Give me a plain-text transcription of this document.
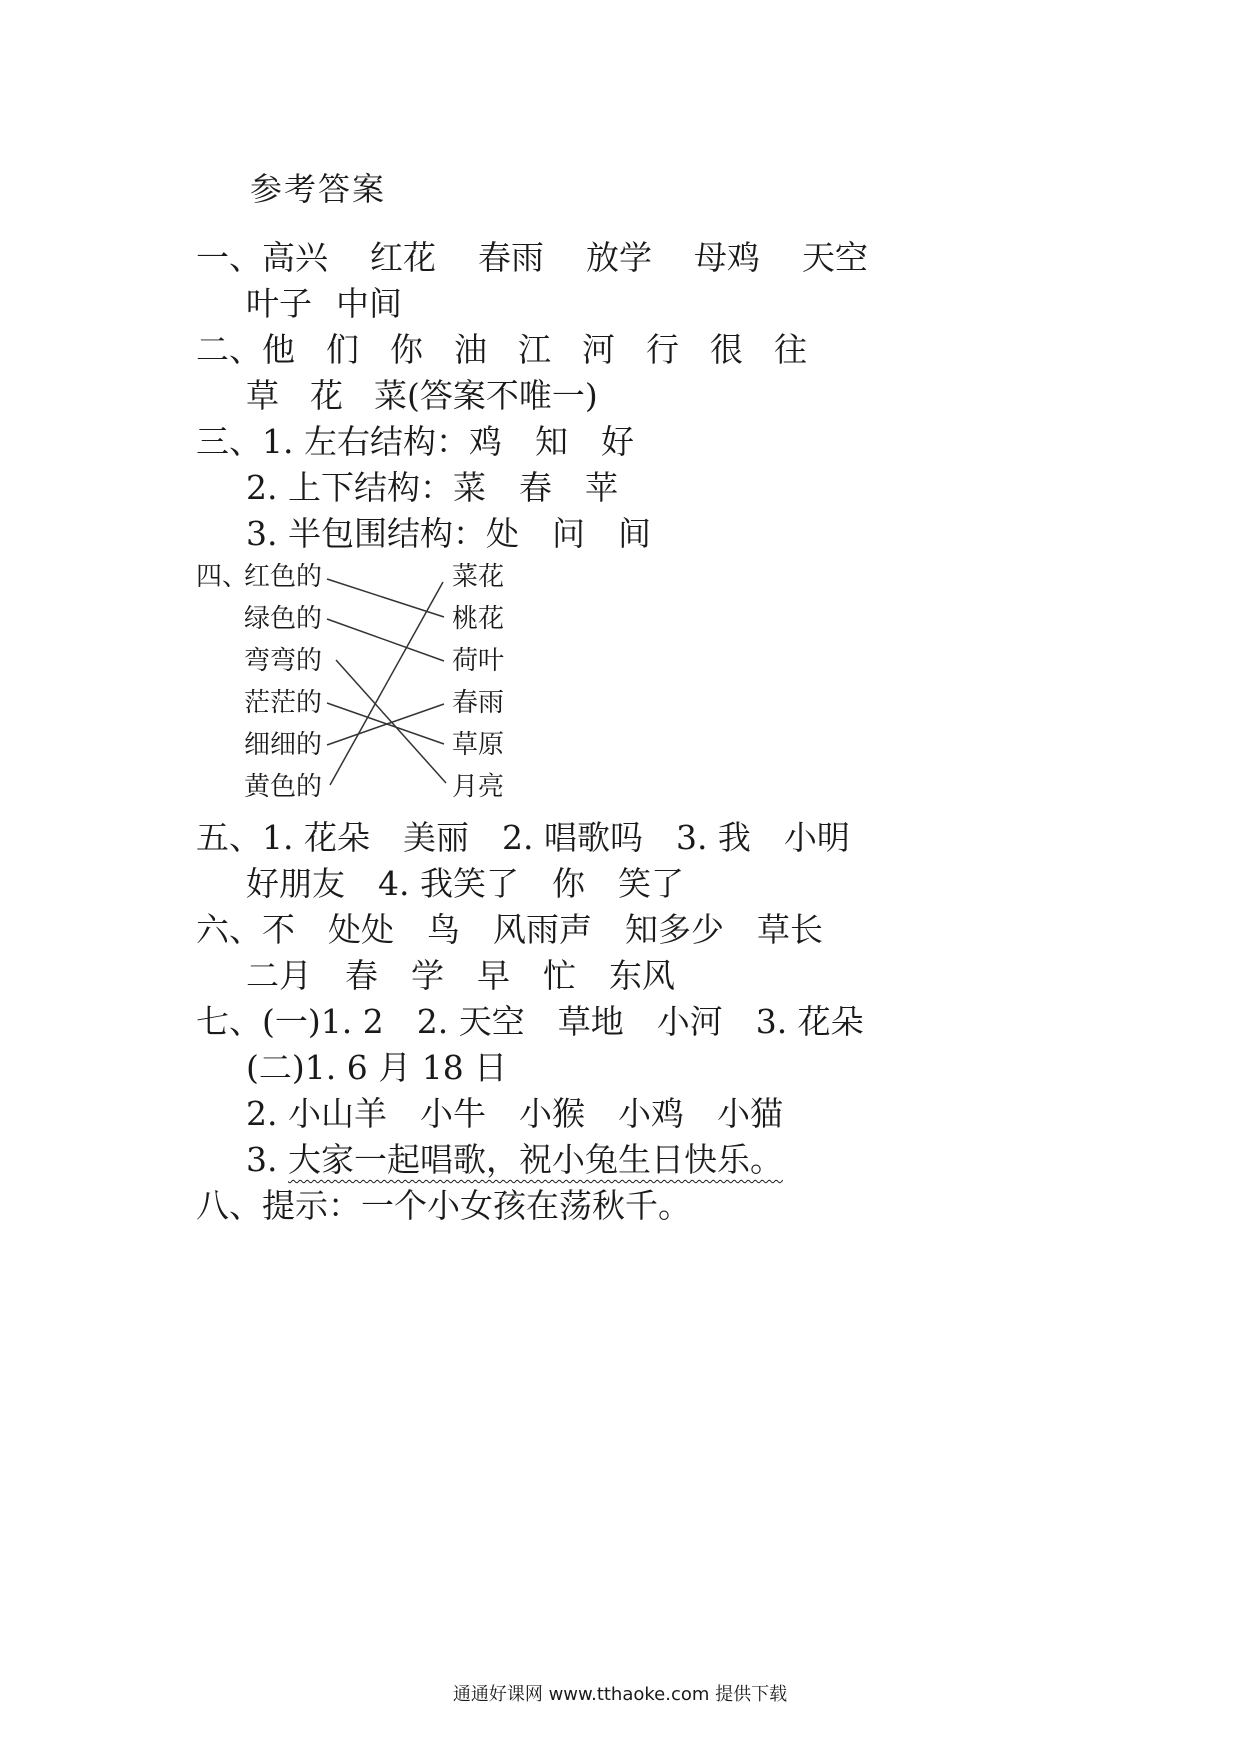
参考答案
一、高兴 红花 春雨 放学 母鸡 天空
叶子 中间
二、他 们 你 油 江 河 行 很 往
草 花 菜(答案不唯一)
三、1. 左右结构：鸡　知　好
2. 上下结构：菜　春　苹
3. 半包围结构：处　问　间
四、
红色的
绿色的
弯弯的
茫茫的
细细的
黄色的
菜花
桃花
荷叶
春雨
草原
月亮
五、1. 花朵　美丽　2. 唱歌吗　3. 我　小明
好朋友　4. 我笑了　你　笑了
六、不　处处　鸟　风雨声　知多少　草长
二月　春　学　早　忙　东风
七、(一)1. 2　2. 天空　草地　小河　3. 花朵
(二)1. 6 月 18 日
2. 小山羊　小牛　小猴　小鸡　小猫
3. 大家一起唱歌，祝小兔生日快乐。
八、提示：一个小女孩在荡秋千。
通通好课网 www.tthaoke.com 提供下载
